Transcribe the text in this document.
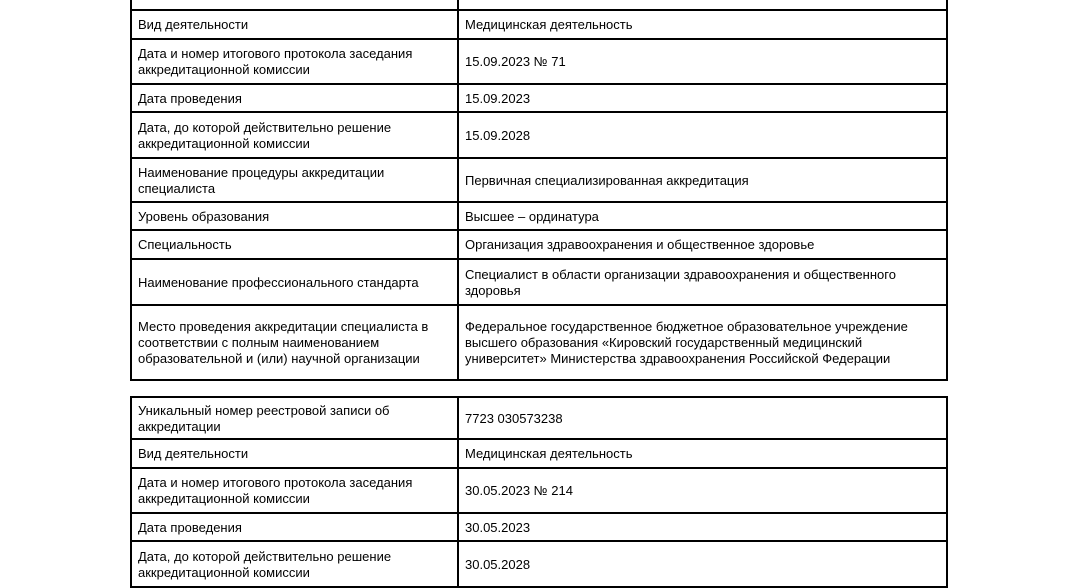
Вид деятельности	Медицинская деятельность
Дата и номер итогового протокола заседания аккредитационной комиссии	15.09.2023 № 71
Дата проведения	15.09.2023
Дата, до которой действительно решение аккредитационной комиссии	15.09.2028
Наименование процедуры аккредитации специалиста	Первичная специализированная аккредитация
Уровень образования	Высшее – ординатура
Специальность	Организация здравоохранения и общественное здоровье
Наименование профессионального стандарта	Специалист в области организации здравоохранения и общественного здоровья
Место проведения аккредитации специалиста в соответствии с полным наименованием образовательной и (или) научной организации	Федеральное государственное бюджетное образовательное учреждение высшего образования «Кировский государственный медицинский университет» Министерства здравоохранения Российской Федерации
Уникальный номер реестровой записи об аккредитации	7723 030573238
Вид деятельности	Медицинская деятельность
Дата и номер итогового протокола заседания аккредитационной комиссии	30.05.2023 № 214
Дата проведения	30.05.2023
Дата, до которой действительно решение аккредитационной комиссии	30.05.2028
